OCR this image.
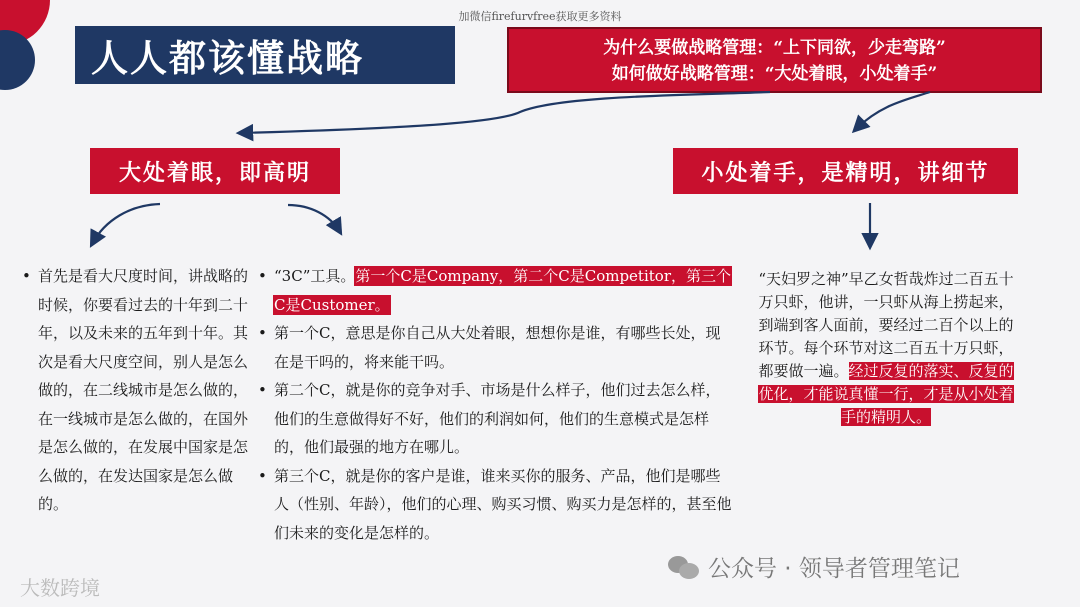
加微信firefurvfree获取更多资料
人人都该懂战略	为什么要做战略管理：“上下同欲，少走弯路”
如何做好战略管理：“大处着眼，小处着手”
大处着眼，即高明	小处着手，是精明，讲细节
•
首先是看大尺度时间，讲战略的时候，你要看过去的十年到二十年，以及未来的五年到十年。其次是看大尺度空间，别人是怎么做的，在二线城市是怎么做的，在一线城市是怎么做的，在国外是怎么做的，在发展中国家是怎么做的，在发达国家是怎么做的。
•
“3C”工具。第一个C是Company，第二个C是Competitor，第三个C是Customer。
•
第一个C，意思是你自己从大处着眼，想想你是谁，有哪些长处，现在是干吗的，将来能干吗。
•
第二个C，就是你的竞争对手、市场是什么样子，他们过去怎么样，他们的生意做得好不好，他们的利润如何，他们的生意模式是怎样的，他们最强的地方在哪儿。
•
第三个C，就是你的客户是谁，谁来买你的服务、产品，他们是哪些人（性别、年龄），他们的心理、购买习惯、购买力是怎样的，甚至他们未来的变化是怎样的。
“天妇罗之神”早乙女哲哉炸过二百五十万只虾，他讲，一只虾从海上捞起来，到端到客人面前，要经过二百个以上的环节。每个环节对这二百五十万只虾，都要做一遍。经过反复的落实、反复的优化，才能说真懂一行，才是从小处着手的精明人。
大数跨境
公众号 · 领导者管理笔记
